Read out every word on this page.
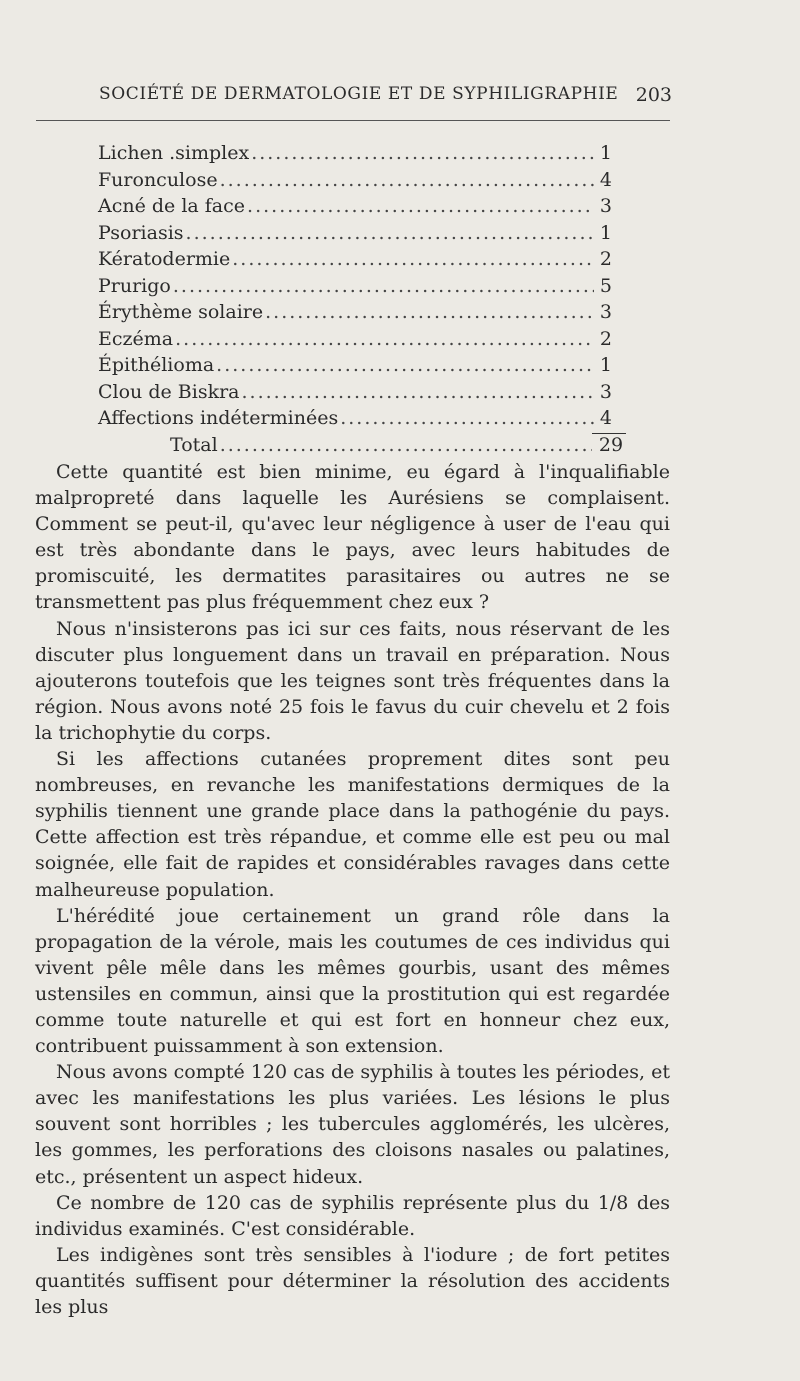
SOCIÉTÉ DE DERMATOLOGIE ET DE SYPHILIGRAPHIE 203
Lichen .simplex .....	1
Furonculose .....	4
Acné de la face .....	3
Psoriasis .....	1
Kératodermie .....	2
Prurigo .....	5
Érythème solaire .....	3
Eczéma .....	2
Épithélioma .....	1
Clou de Biskra .....	3
Affections indéterminées .....	4
Total .....	29

Cette quantité est bien minime, eu égard à l'inqualifiable malpropreté dans laquelle les Aurésiens se complaisent. Comment se peut-il, qu'avec leur négligence à user de l'eau qui est très abondante dans le pays, avec leurs habitudes de promiscuité, les dermatites parasitaires ou autres ne se transmettent pas plus fréquemment chez eux ?

Nous n'insisterons pas ici sur ces faits, nous réservant de les discuter plus longuement dans un travail en préparation. Nous ajouterons toutefois que les teignes sont très fréquentes dans la région. Nous avons noté 25 fois le favus du cuir chevelu et 2 fois la trichophytie du corps.

Si les affections cutanées proprement dites sont peu nombreuses, en revanche les manifestations dermiques de la syphilis tiennent une grande place dans la pathogénie du pays. Cette affection est très répandue, et comme elle est peu ou mal soignée, elle fait de rapides et considérables ravages dans cette malheureuse population.

L'hérédité joue certainement un grand rôle dans la propagation de la vérole, mais les coutumes de ces individus qui vivent pêle mêle dans les mêmes gourbis, usant des mêmes ustensiles en commun, ainsi que la prostitution qui est regardée comme toute naturelle et qui est fort en honneur chez eux, contribuent puissamment à son extension.

Nous avons compté 120 cas de syphilis à toutes les périodes, et avec les manifestations les plus variées. Les lésions le plus souvent sont horribles ; les tubercules agglomérés, les ulcères, les gommes, les perforations des cloisons nasales ou palatines, etc., présentent un aspect hideux.

Ce nombre de 120 cas de syphilis représente plus du 1/8 des individus examinés. C'est considérable.

Les indigènes sont très sensibles à l'iodure ; de fort petites quantités suffisent pour déterminer la résolution des accidents les plus
